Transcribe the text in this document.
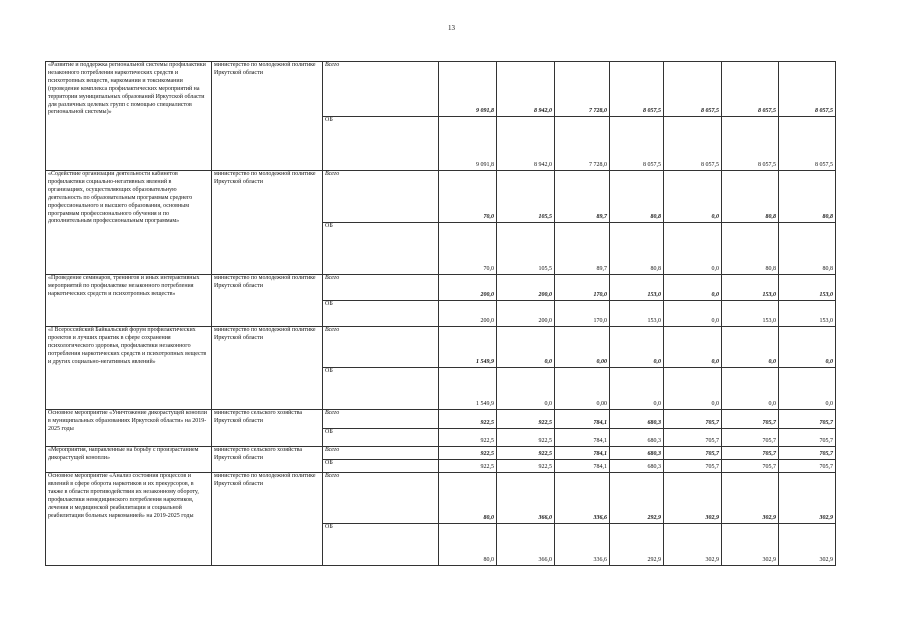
13
«Развитие и поддержка региональной системы профилактики незаконного потребления наркотических средств и психотропных веществ, наркомании и токсикомании (проведение комплекса профилактических мероприятий на территории муниципальных образований Иркутской области для различных целевых групп с помощью специалистов региональной системы)»	министерство по молодежной политике Иркутской области	Всего	9 091,8	8 942,0	7 728,0	8 057,5	8 057,5	8 057,5	8 057,5
		ОБ	9 091,8	8 942,0	7 728,0	8 057,5	8 057,5	8 057,5	8 057,5
«Содействие организации деятельности кабинетов профилактики социально-негативных явлений в организациях, осуществляющих образовательную деятельность по образовательным программам среднего профессионального и высшего образования, основным программам профессионального обучения и по дополнительным профессиональным программам»	министерство по молодежной политике Иркутской области	Всего	70,0	105,5	89,7	80,8	0,0	80,8	80,8
		ОБ	70,0	105,5	89,7	80,8	0,0	80,8	80,8
«Проведение семинаров, тренингов и иных интерактивных мероприятий по профилактике незаконного потребления наркотических средств и психотропных веществ»	министерство по молодежной политике Иркутской области	Всего	200,0	200,0	170,0	153,0	0,0	153,0	153,0
		ОБ	200,0	200,0	170,0	153,0	0,0	153,0	153,0
«I Всероссийский Байкальский форум профилактических проектов и лучших практик в сфере сохранения психологического здоровья, профилактики незаконного потребления наркотических средств и психотропных веществ и других социально-негативных явлений»	министерство по молодежной политике Иркутской области	Всего	1 549,9	0,0	0,00	0,0	0,0	0,0	0,0
		ОБ	1 549,9	0,0	0,00	0,0	0,0	0,0	0,0
Основное мероприятие «Уничтожение дикорастущей конопли в муниципальных образованиях Иркутской области» на 2019-2025 годы	министерство сельского хозяйства Иркутской области	Всего	922,5	922,5	784,1	680,3	705,7	705,7	705,7
		ОБ	922,5	922,5	784,1	680,3	705,7	705,7	705,7
«Мероприятия, направленные на борьбу с произрастанием дикорастущей конопли»	министерство сельского хозяйства Иркутской области	Всего	922,5	922,5	784,1	680,3	705,7	705,7	705,7
		ОБ	922,5	922,5	784,1	680,3	705,7	705,7	705,7
Основное мероприятие «Анализ состояния процессов и явлений в сфере оборота наркотиков и их прекурсоров, в также в области противодействия их незаконному обороту, профилактики немедицинского потребления наркотиков, лечения и медицинской реабилитации и социальной реабилитации больных наркоманией» на 2019-2025 годы	министерство по молодежной политике Иркутской области	Всего	80,0	366,0	336,6	292,9	302,9	302,9	302,9
		ОБ	80,0	366,0	336,6	292,9	302,9	302,9	302,9
